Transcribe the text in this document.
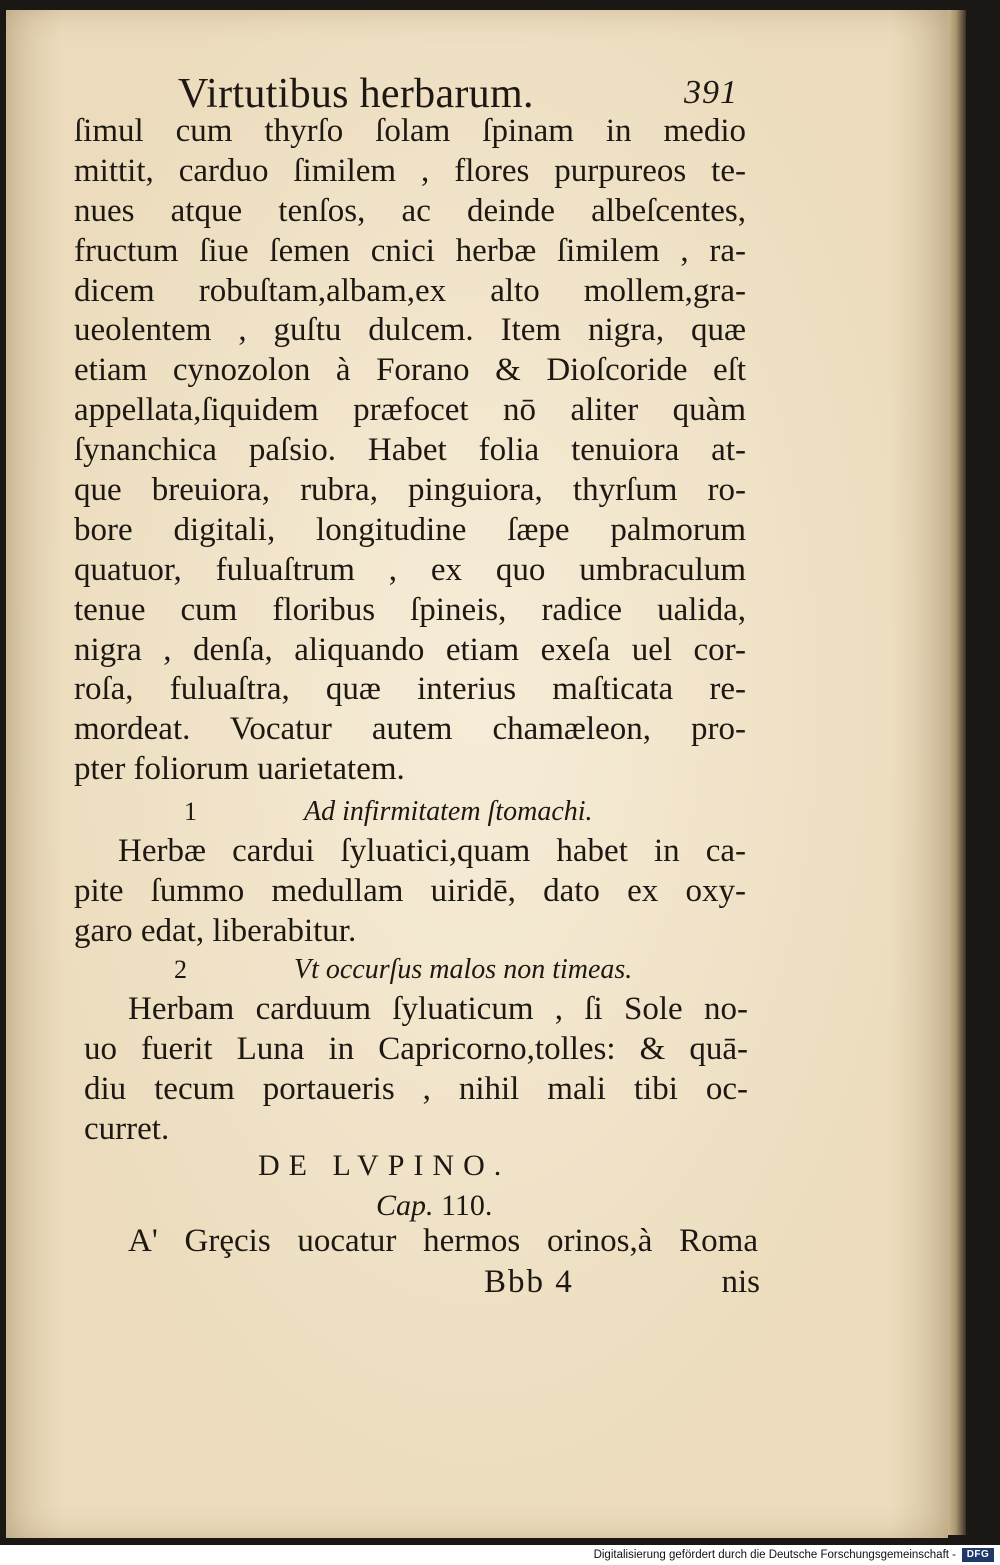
Virtutibus herbarum.	391
ſimul cum thyrſo ſolam ſpinam in medio
mittit, carduo ſimilem , flores purpureos te-
nues atque tenſos, ac deinde albeſcentes,
fructum ſiue ſemen cnici herbæ ſimilem , ra-
dicem robuſtam,albam,ex alto mollem,gra-
ueolentem , guſtu dulcem. Item nigra, quæ
etiam cynozolon à Forano & Dioſcoride eſt
appellata,ſiquidem præfocet nō aliter quàm
ſynanchica paſsio. Habet folia tenuiora at-
que breuiora, rubra, pinguiora, thyrſum ro-
bore digitali, longitudine ſæpe palmorum
quatuor, fuluaſtrum , ex quo umbraculum
tenue cum floribus ſpineis, radice ualida,
nigra , denſa, aliquando etiam exeſa uel cor-
roſa, fuluaſtra, quæ interius maſticata re-
mordeat. Vocatur autem chamæleon, pro-
pter foliorum uarietatem.
1	Ad infirmitatem ſtomachi.
Herbæ cardui ſyluatici,quam habet in ca-
pite ſummo medullam uiridē, dato ex oxy-
garo edat, liberabitur.
2	Vt occurſus malos non timeas.
Herbam carduum ſyluaticum , ſi Sole no-
uo fuerit Luna in Capricorno,tolles: & quā-
diu tecum portaueris , nihil mali tibi oc-
curret.
DE LVPINO.
Cap. 110.
A' Grȩcis uocatur hermos orinos,à Roma
Bbb 4	nis
Digitalisierung gefördert durch die Deutsche Forschungsgemeinschaft -	DFG
